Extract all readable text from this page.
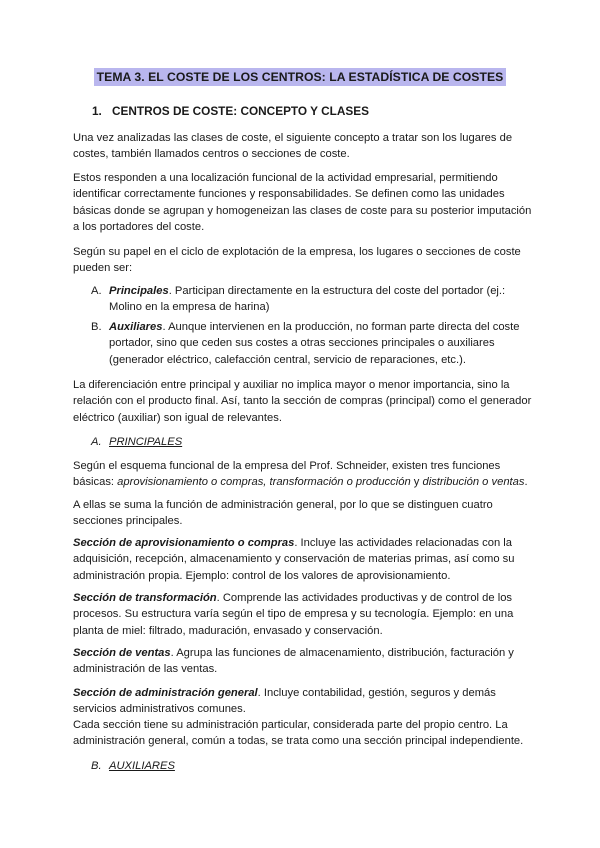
TEMA 3. EL COSTE DE LOS CENTROS: LA ESTADÍSTICA DE COSTES
1. CENTROS DE COSTE: CONCEPTO Y CLASES

Una vez analizadas las clases de coste, el siguiente concepto a tratar son los lugares de costes, también llamados centros o secciones de coste.

Estos responden a una localización funcional de la actividad empresarial, permitiendo identificar correctamente funciones y responsabilidades. Se definen como las unidades básicas donde se agrupan y homogeneizan las clases de coste para su posterior imputación a los portadores del coste.

Según su papel en el ciclo de explotación de la empresa, los lugares o secciones de coste pueden ser:

A. Principales. Participan directamente en la estructura del coste del portador (ej.: Molino en la empresa de harina)
B. Auxiliares. Aunque intervienen en la producción, no forman parte directa del coste portador, sino que ceden sus costes a otras secciones principales o auxiliares (generador eléctrico, calefacción central, servicio de reparaciones, etc.).

La diferenciación entre principal y auxiliar no implica mayor o menor importancia, sino la relación con el producto final. Así, tanto la sección de compras (principal) como el generador eléctrico (auxiliar) son igual de relevantes.

A. PRINCIPALES

Según el esquema funcional de la empresa del Prof. Schneider, existen tres funciones básicas: aprovisionamiento o compras, transformación o producción y distribución o ventas.

A ellas se suma la función de administración general, por lo que se distinguen cuatro secciones principales.

Sección de aprovisionamiento o compras. Incluye las actividades relacionadas con la adquisición, recepción, almacenamiento y conservación de materias primas, así como su administración propia. Ejemplo: control de los valores de aprovisionamiento.

Sección de transformación. Comprende las actividades productivas y de control de los procesos. Su estructura varía según el tipo de empresa y su tecnología. Ejemplo: en una planta de miel: filtrado, maduración, envasado y conservación.

Sección de ventas. Agrupa las funciones de almacenamiento, distribución, facturación y administración de las ventas.

Sección de administración general. Incluye contabilidad, gestión, seguros y demás servicios administrativos comunes.

Cada sección tiene su administración particular, considerada parte del propio centro. La administración general, común a todas, se trata como una sección principal independiente.

B. AUXILIARES
